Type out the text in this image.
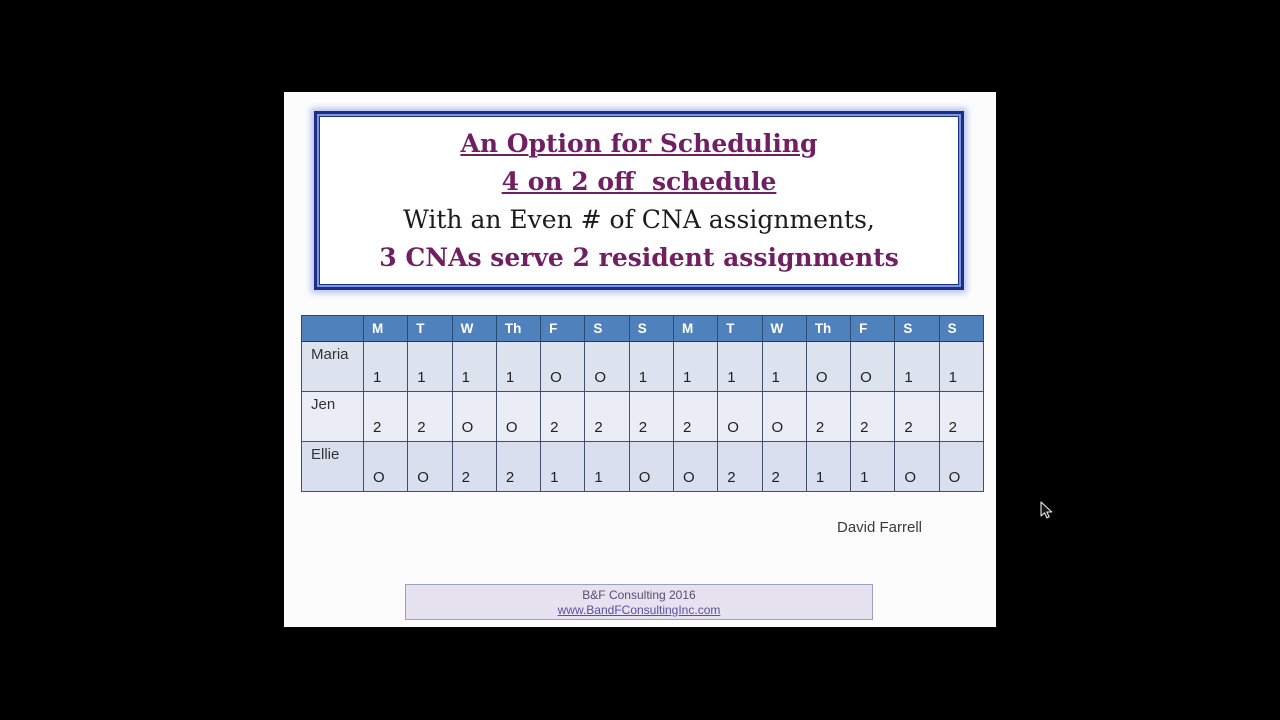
An Option for Scheduling
4 on 2 off  schedule
With an Even # of CNA assignments,
3 CNAs serve 2 resident assignments
	M	T	W	Th	F	S	S	M	T	W	Th	F	S	S
Maria	1	1	1	1	O	O	1	1	1	1	O	O	1	1
Jen	2	2	O	O	2	2	2	2	O	O	2	2	2	2
Ellie	O	O	2	2	1	1	O	O	2	2	1	1	O	O
David Farrell
B&F Consulting 2016
www.BandFConsultingInc.com
